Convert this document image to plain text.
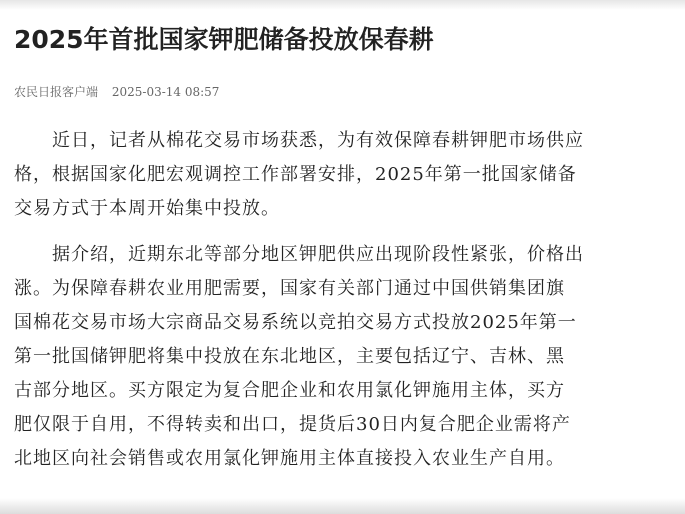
2025年首批国家钾肥储备投放保春耕
农民日报客户端 2025-03-14 08:57

近日，记者从棉花交易市场获悉，为有效保障春耕钾肥市场供应
格，根据国家化肥宏观调控工作部署安排，2025年第一批国家储备
交易方式于本周开始集中投放。

据介绍，近期东北等部分地区钾肥供应出现阶段性紧张，价格出
涨。为保障春耕农业用肥需要，国家有关部门通过中国供销集团旗
国棉花交易市场大宗商品交易系统以竞拍交易方式投放2025年第一
第一批国储钾肥将集中投放在东北地区，主要包括辽宁、吉林、黑
古部分地区。买方限定为复合肥企业和农用氯化钾施用主体，买方
肥仅限于自用，不得转卖和出口，提货后30日内复合肥企业需将产
北地区向社会销售或农用氯化钾施用主体直接投入农业生产自用。
